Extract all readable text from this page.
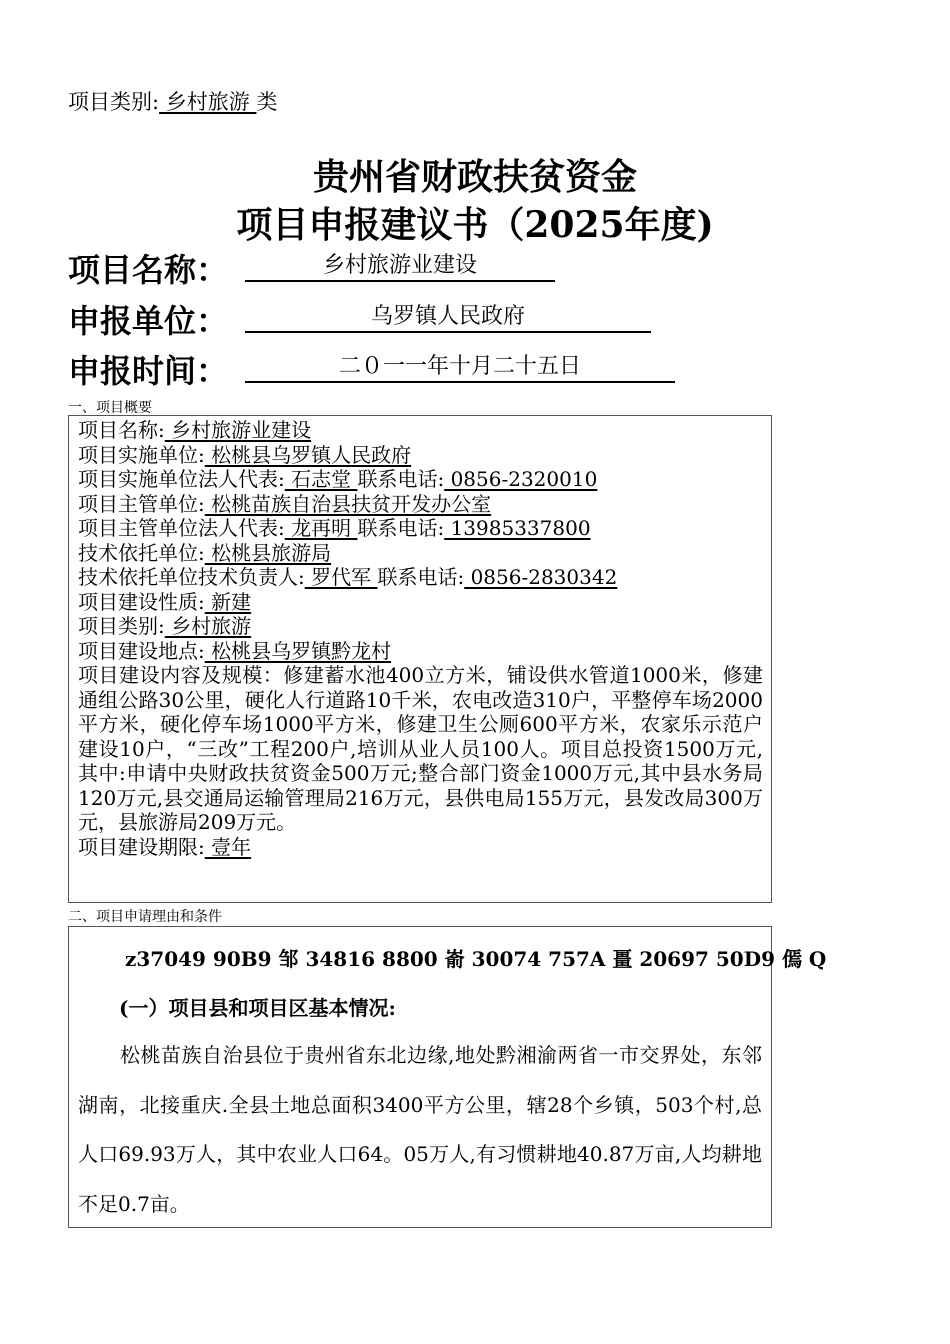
项目类别: 乡村旅游 类
贵州省财政扶贫资金
项目申报建议书（2025年度)
项目名称：	乡村旅游业建设
申报单位：	乌罗镇人民政府
申报时间：	二０一一年十月二十五日
一、项目概要
项目名称: 乡村旅游业建设
项目实施单位: 松桃县乌罗镇人民政府
项目实施单位法人代表: 石志堂 联系电话: 0856-2320010
项目主管单位: 松桃苗族自治县扶贫开发办公室
项目主管单位法人代表: 龙再明 联系电话: 13985337800
技术依托单位: 松桃县旅游局
技术依托单位技术负责人: 罗代军 联系电话: 0856-2830342
项目建设性质: 新建
项目类别: 乡村旅游
项目建设地点: 松桃县乌罗镇黔龙村
项目建设内容及规模：修建蓄水池400立方米，铺设供水管道1000米，修建通组公路30公里，硬化人行道路10千米，农电改造310户，平整停车场2000平方米，硬化停车场1000平方米，修建卫生公厕600平方米，农家乐示范户建设10户，“三改”工程200户,培训从业人员100人。项目总投资1500万元,其中:申请中央财政扶贫资金500万元;整合部门资金1000万元,其中县水务局120万元,县交通局运输管理局216万元，县供电局155万元，县发改局300万元，县旅游局209万元。
项目建设期限: 壹年
二、项目申请理由和条件
z37049 90B9 邹 34816 8800 嵛 30074 757A 畺 20697 50D9 傿 Q
(一）项目县和项目区基本情况:
松桃苗族自治县位于贵州省东北边缘,地处黔湘渝两省一市交界处，东邻湖南，北接重庆.全县土地总面积3400平方公里，辖28个乡镇，503个村,总人口69.93万人，其中农业人口64。05万人,有习惯耕地40.87万亩,人均耕地不足0.7亩。
